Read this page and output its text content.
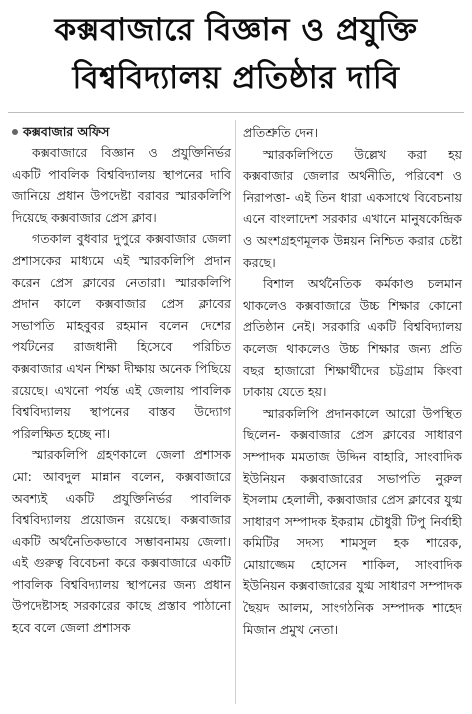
কক্সবাজারে বিজ্ঞান ও প্রযুক্তি
বিশ্ববিদ্যালয় প্রতিষ্ঠার দাবি
কক্সবাজার অফিস

কক্সবাজারে বিজ্ঞান ও প্রযুক্তিনির্ভর একটি পাবলিক বিশ্ববিদ্যালয় স্থাপনের দাবি জানিয়ে প্রধান উপদেষ্টা বরাবর স্মারকলিপি দিয়েছে কক্সবাজার প্রেস ক্লাব।

গতকাল বুধবার দুপুরে কক্সবাজার জেলা প্রশাসকের মাধ্যমে এই স্মারকলিপি প্রদান করেন প্রেস ক্লাবের নেতারা। স্মারকলিপি প্রদান কালে কক্সবাজার প্রেস ক্লাবের সভাপতি মাহবুবর রহমান বলেন দেশের পর্যটনের রাজধানী হিসেবে পরিচিত কক্সবাজার এখন শিক্ষা দীক্ষায় অনেক পিছিয়ে রয়েছে। এখনো পর্যন্ত এই জেলায় পাবলিক বিশ্ববিদ্যালয় স্থাপনের বাস্তব উদ্যোগ পরিলক্ষিত হচ্ছে না।

স্মারকলিপি গ্রহণকালে জেলা প্রশাসক মো: আবদুল মান্নান বলেন, কক্সবাজারে অবশ্যই একটি প্রযুক্তিনির্ভর পাবলিক বিশ্ববিদ্যালয় প্রয়োজন রয়েছে। কক্সবাজার একটি অর্থনৈতিকভাবে সম্ভাবনাময় জেলা। এই গুরুত্ব বিবেচনা করে কক্সবাজারে একটি পাবলিক বিশ্ববিদ্যালয় স্থাপনের জন্য প্রধান উপদেষ্টাসহ সরকারের কাছে প্রস্তাব পাঠানো হবে বলে জেলা প্রশাসক

প্রতিশ্রুতি দেন।

স্মারকলিপিতে উল্লেখ করা হয় কক্সবাজার জেলার অর্থনীতি, পরিবেশ ও নিরাপত্তা- এই তিন ধারা একসাথে বিবেচনায় এনে বাংলাদেশ সরকার এখানে মানুষকেন্দ্রিক ও অংশগ্রহণমূলক উন্নয়ন নিশ্চিত করার চেষ্টা করছে।

বিশাল অর্থনৈতিক কর্মকাণ্ড চলমান থাকলেও কক্সবাজারে উচ্চ শিক্ষার কোনো প্রতিষ্ঠান নেই। সরকারি একটি বিশ্ববিদ্যালয় কলেজ থাকলেও উচ্চ শিক্ষার জন্য প্রতি বছর হাজারো শিক্ষার্থীদের চট্টগ্রাম কিংবা ঢাকায় যেতে হয়।

স্মারকলিপি প্রদানকালে আরো উপস্থিত ছিলেন- কক্সবাজার প্রেস ক্লাবের সাধারণ সম্পাদক মমতাজ উদ্দিন বাহারি, সাংবাদিক ইউনিয়ন কক্সবাজারের সভাপতি নুরুল ইসলাম হেলালী, কক্সবাজার প্রেস ক্লাবের যুগ্ম সাধারণ সম্পাদক ইকরাম চৌধুরী টিপু নির্বাহী কমিটির সদস্য শামসুল হক শারেক, মোয়াজ্জেম হোসেন শাকিল, সাংবাদিক ইউনিয়ন কক্সবাজারের যুগ্ম সাধারণ সম্পাদক ছৈয়দ আলম, সাংগঠনিক সম্পাদক শাহেদ মিজান প্রমুখ নেতা।
